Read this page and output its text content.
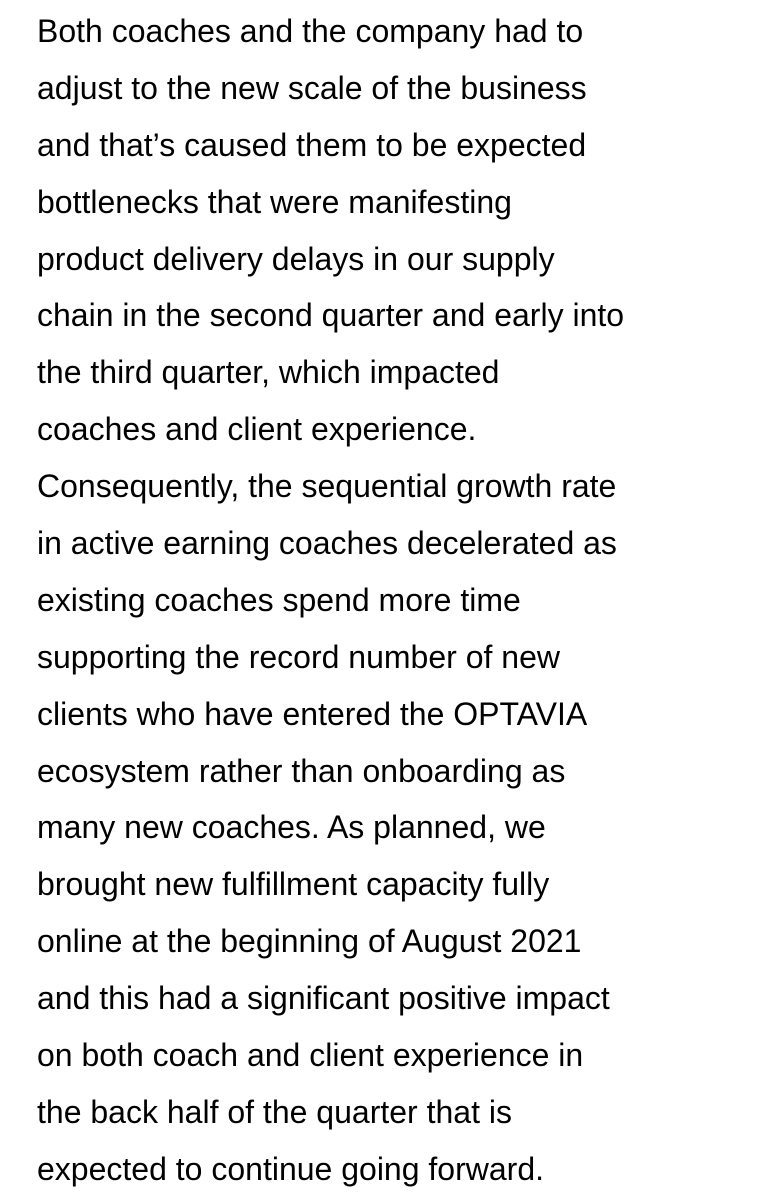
Both coaches and the company had to
adjust to the new scale of the business
and that’s caused them to be expected
bottlenecks that were manifesting
product delivery delays in our supply
chain in the second quarter and early into
the third quarter, which impacted
coaches and client experience.
Consequently, the sequential growth rate
in active earning coaches decelerated as
existing coaches spend more time
supporting the record number of new
clients who have entered the OPTAVIA
ecosystem rather than onboarding as
many new coaches. As planned, we
brought new fulfillment capacity fully
online at the beginning of August 2021
and this had a significant positive impact
on both coach and client experience in
the back half of the quarter that is
expected to continue going forward.
